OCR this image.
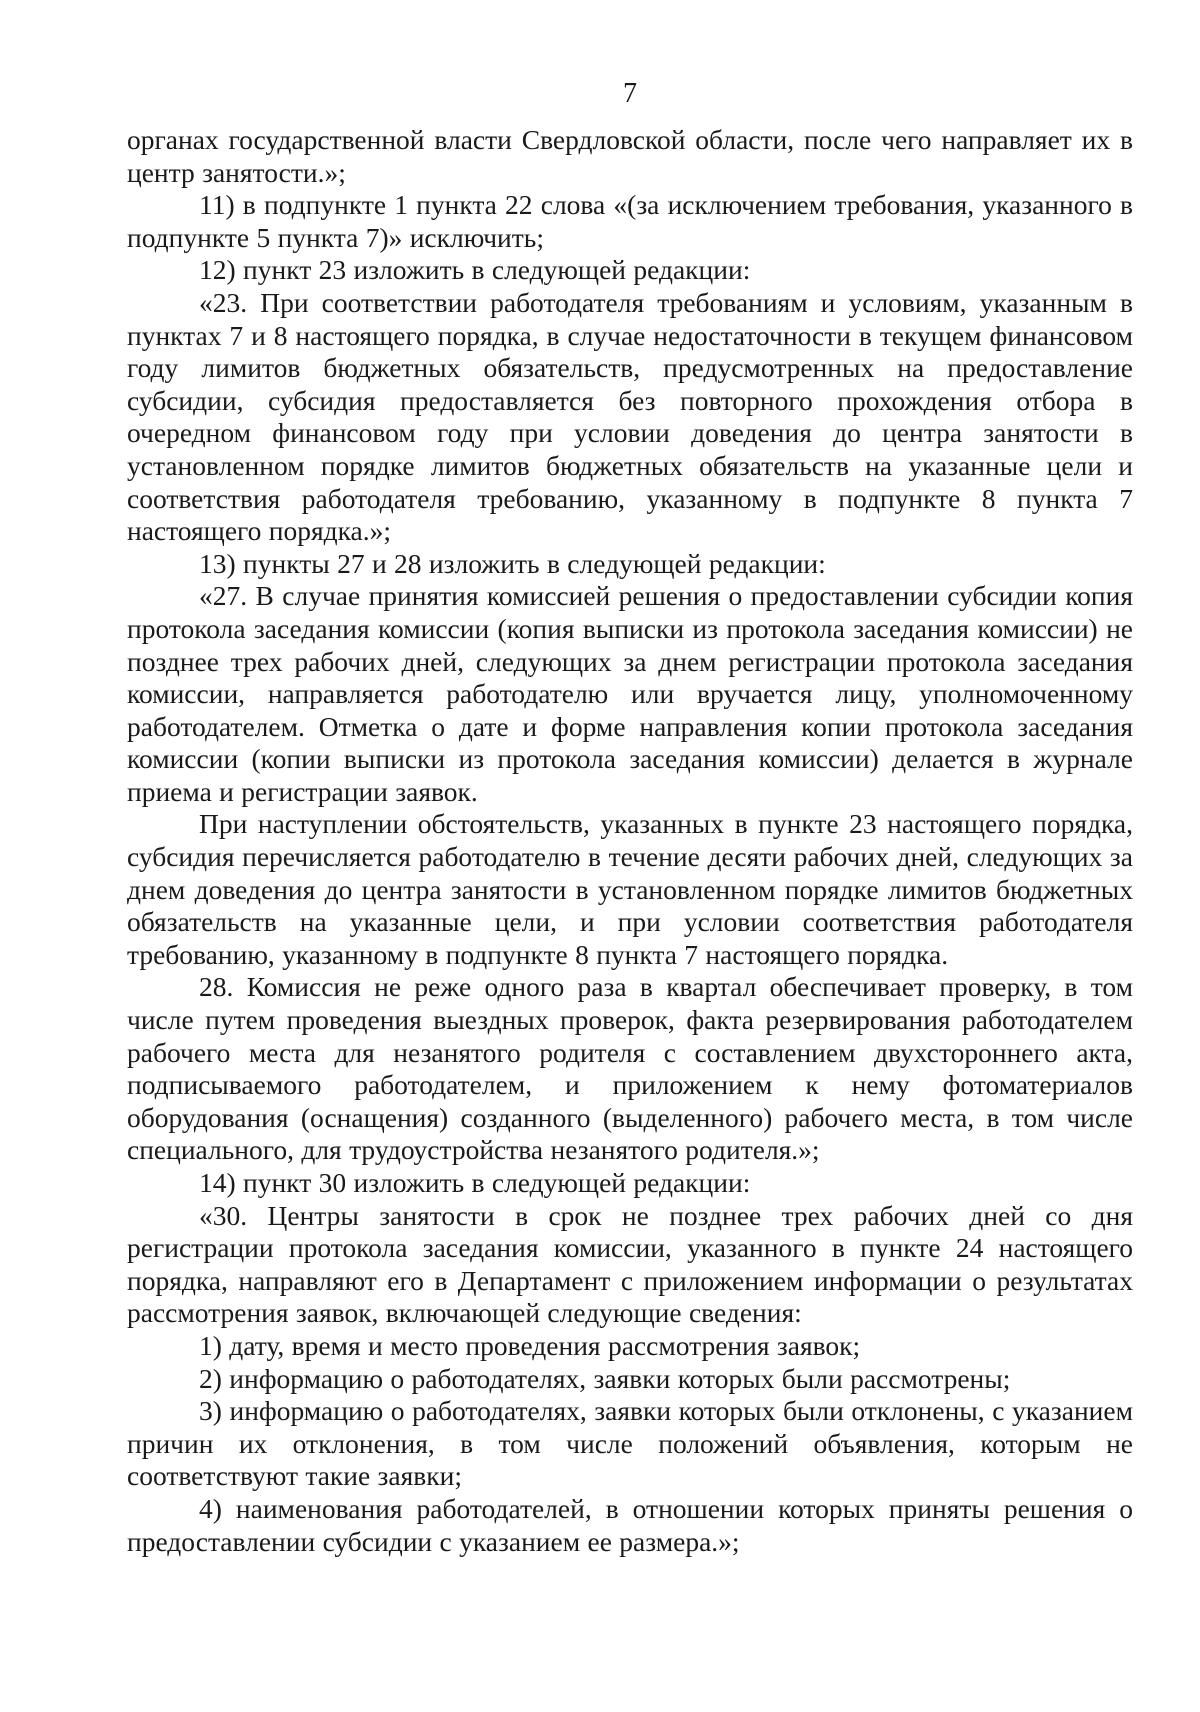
7

органах государственной власти Свердловской области, после чего направляет их в центр занятости.»;

11) в подпункте 1 пункта 22 слова «(за исключением требования, указанного в подпункте 5 пункта 7)» исключить;

12) пункт 23 изложить в следующей редакции:

«23. При соответствии работодателя требованиям и условиям, указанным в пунктах 7 и 8 настоящего порядка, в случае недостаточности в текущем финансовом году лимитов бюджетных обязательств, предусмотренных на предоставление субсидии, субсидия предоставляется без повторного прохождения отбора в очередном финансовом году при условии доведения до центра занятости в установленном порядке лимитов бюджетных обязательств на указанные цели и соответствия работодателя требованию, указанному в подпункте 8 пункта 7 настоящего порядка.»;

13) пункты 27 и 28 изложить в следующей редакции:

«27. В случае принятия комиссией решения о предоставлении субсидии копия протокола заседания комиссии (копия выписки из протокола заседания комиссии) не позднее трех рабочих дней, следующих за днем регистрации протокола заседания комиссии, направляется работодателю или вручается лицу, уполномоченному работодателем. Отметка о дате и форме направления копии протокола заседания комиссии (копии выписки из протокола заседания комиссии) делается в журнале приема и регистрации заявок.

При наступлении обстоятельств, указанных в пункте 23 настоящего порядка, субсидия перечисляется работодателю в течение десяти рабочих дней, следующих за днем доведения до центра занятости в установленном порядке лимитов бюджетных обязательств на указанные цели, и при условии соответствия работодателя требованию, указанному в подпункте 8 пункта 7 настоящего порядка.

28. Комиссия не реже одного раза в квартал обеспечивает проверку, в том числе путем проведения выездных проверок, факта резервирования работодателем рабочего места для незанятого родителя с составлением двухстороннего акта, подписываемого работодателем, и приложением к нему фотоматериалов оборудования (оснащения) созданного (выделенного) рабочего места, в том числе специального, для трудоустройства незанятого родителя.»;

14) пункт 30 изложить в следующей редакции:

«30. Центры занятости в срок не позднее трех рабочих дней со дня регистрации протокола заседания комиссии, указанного в пункте 24 настоящего порядка, направляют его в Департамент с приложением информации о результатах рассмотрения заявок, включающей следующие сведения:

1) дату, время и место проведения рассмотрения заявок;

2) информацию о работодателях, заявки которых были рассмотрены;

3) информацию о работодателях, заявки которых были отклонены, с указанием причин их отклонения, в том числе положений объявления, которым не соответствуют такие заявки;

4) наименования работодателей, в отношении которых приняты решения о предоставлении субсидии с указанием ее размера.»;
